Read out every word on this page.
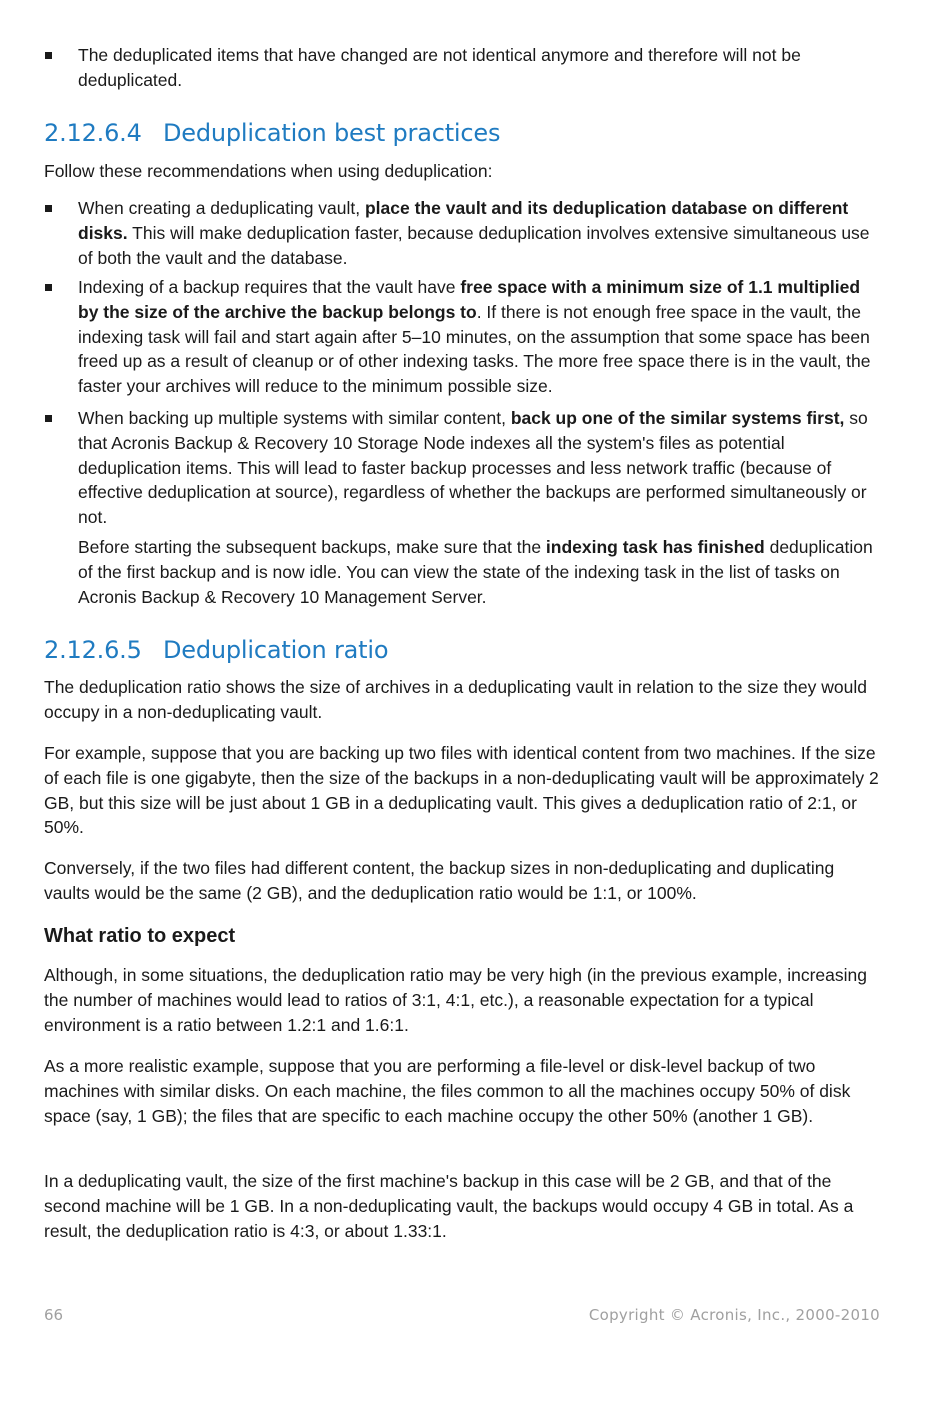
The deduplicated items that have changed are not identical anymore and therefore will not be deduplicated.

2.12.6.4 Deduplication best practices

Follow these recommendations when using deduplication:

When creating a deduplicating vault, place the vault and its deduplication database on different disks. This will make deduplication faster, because deduplication involves extensive simultaneous use of both the vault and the database.

Indexing of a backup requires that the vault have free space with a minimum size of 1.1 multiplied by the size of the archive the backup belongs to. If there is not enough free space in the vault, the indexing task will fail and start again after 5–10 minutes, on the assumption that some space has been freed up as a result of cleanup or of other indexing tasks. The more free space there is in the vault, the faster your archives will reduce to the minimum possible size.

When backing up multiple systems with similar content, back up one of the similar systems first, so that Acronis Backup & Recovery 10 Storage Node indexes all the system's files as potential deduplication items. This will lead to faster backup processes and less network traffic (because of effective deduplication at source), regardless of whether the backups are performed simultaneously or not.

Before starting the subsequent backups, make sure that the indexing task has finished deduplication of the first backup and is now idle. You can view the state of the indexing task in the list of tasks on Acronis Backup & Recovery 10 Management Server.

2.12.6.5 Deduplication ratio

The deduplication ratio shows the size of archives in a deduplicating vault in relation to the size they would occupy in a non-deduplicating vault.

For example, suppose that you are backing up two files with identical content from two machines. If the size of each file is one gigabyte, then the size of the backups in a non-deduplicating vault will be approximately 2 GB, but this size will be just about 1 GB in a deduplicating vault. This gives a deduplication ratio of 2:1, or 50%.

Conversely, if the two files had different content, the backup sizes in non-deduplicating and duplicating vaults would be the same (2 GB), and the deduplication ratio would be 1:1, or 100%.

What ratio to expect

Although, in some situations, the deduplication ratio may be very high (in the previous example, increasing the number of machines would lead to ratios of 3:1, 4:1, etc.), a reasonable expectation for a typical environment is a ratio between 1.2:1 and 1.6:1.

As a more realistic example, suppose that you are performing a file-level or disk-level backup of two machines with similar disks. On each machine, the files common to all the machines occupy 50% of disk space (say, 1 GB); the files that are specific to each machine occupy the other 50% (another 1 GB).

In a deduplicating vault, the size of the first machine's backup in this case will be 2 GB, and that of the second machine will be 1 GB. In a non-deduplicating vault, the backups would occupy 4 GB in total. As a result, the deduplication ratio is 4:3, or about 1.33:1.

66	Copyright © Acronis, Inc., 2000-2010
